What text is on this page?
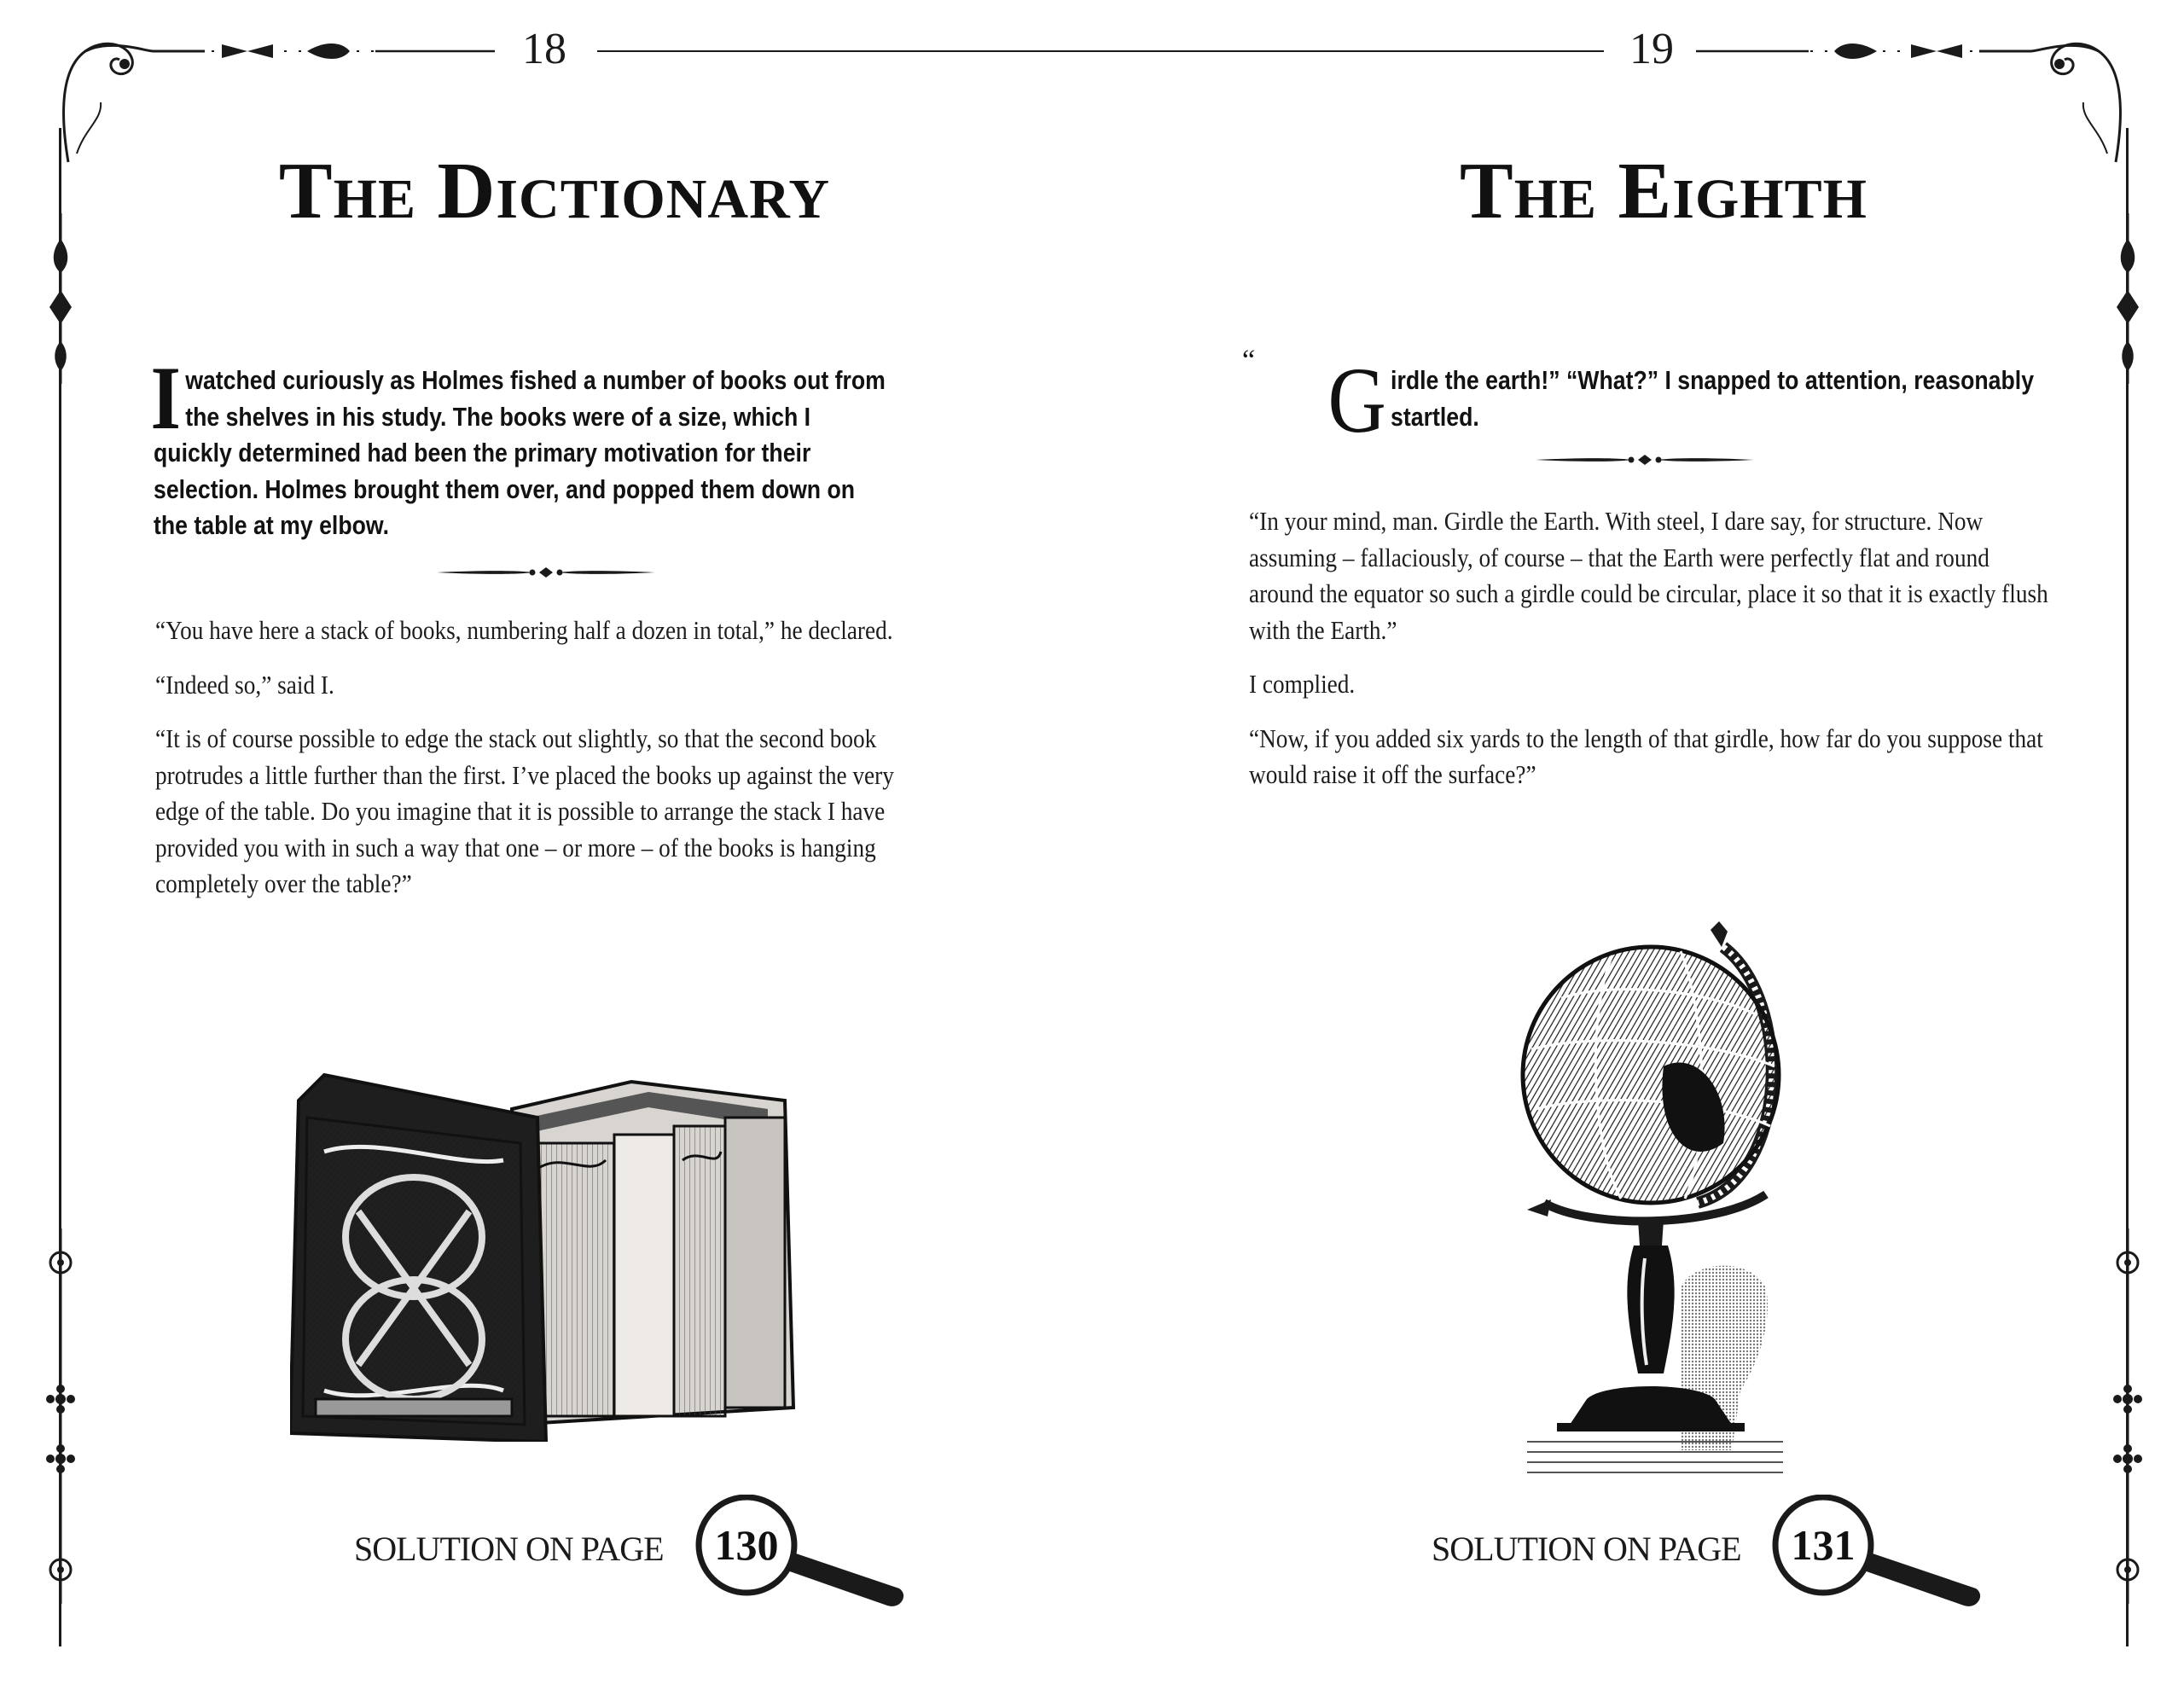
18	19
The Dictionary	The Eighth
I watched curiously as Holmes fished a number of books out from the shelves in his study. The books were of a size, which I quickly determined had been the primary motivation for their selection. Holmes brought them over, and popped them down on the table at my elbow.

“You have here a stack of books, numbering half a dozen in total,” he declared.

“Indeed so,” said I.

“It is of course possible to edge the stack out slightly, so that the second book protrudes a little further than the first. I’ve placed the books up against the very edge of the table. Do you imagine that it is possible to arrange the stack I have provided you with in such a way that one – or more – of the books is hanging completely over the table?”

SOLUTION ON PAGE	130
“ G irdle the earth!” “What?” I snapped to attention, reasonably startled.

“In your mind, man. Girdle the Earth. With steel, I dare say, for structure. Now assuming – fallaciously, of course – that the Earth were perfectly flat and round around the equator so such a girdle could be circular, place it so that it is exactly flush with the Earth.”

I complied.

“Now, if you added six yards to the length of that girdle, how far do you suppose that would raise it off the surface?”

SOLUTION ON PAGE	131
